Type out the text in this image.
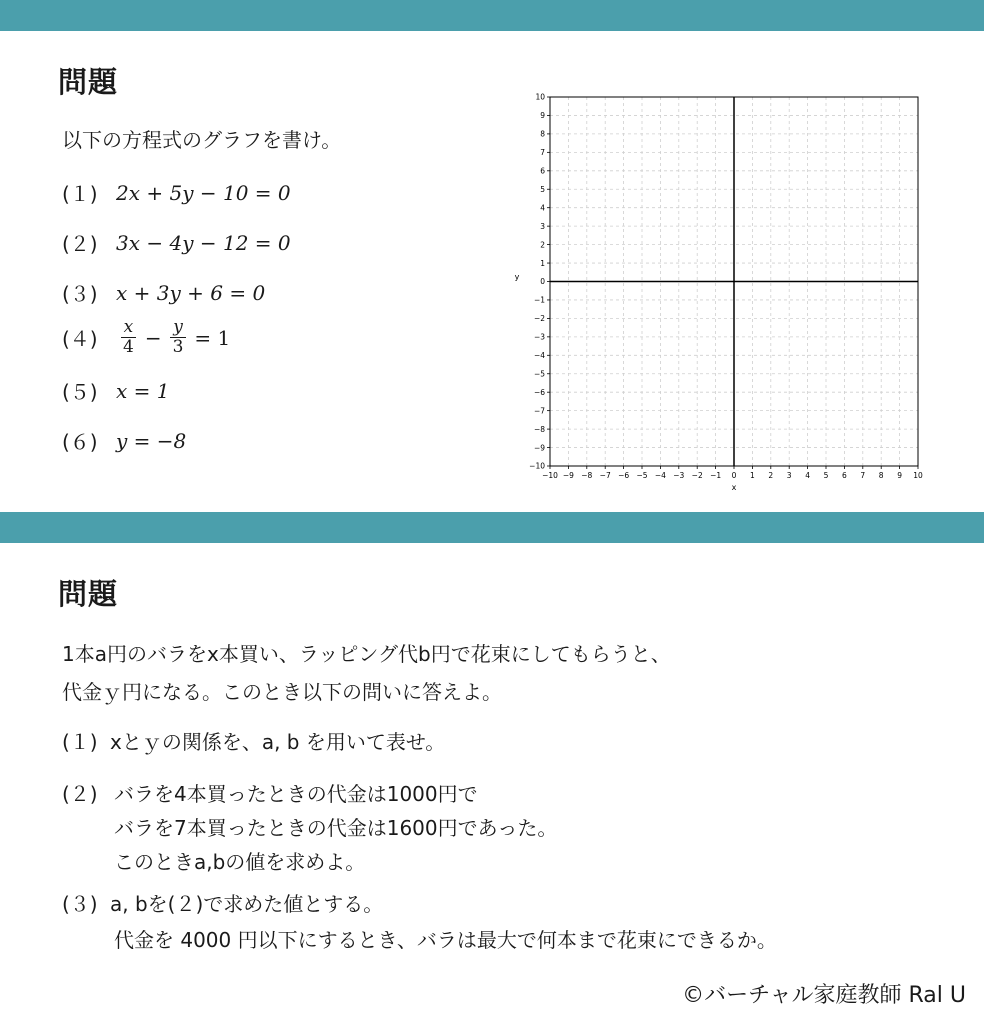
問題
以下の方程式のグラフを書け。
(１) 2x + 5y − 10 = 0
(２) 3x − 4y − 12 = 0
(３) x + 3y + 6 = 0
(４)	$\frac{x}{4} - \frac{y}{3} = 1$
(５) x = 1
(６) y = −8
−10 −9 −8 −7 −6 −5 −4 −3 −2 −1 0 1 2 3 4 5 6 7 8 9 10
−10
−9
−8
−7
−6
−5
−4
−3
−2
−1
0
1
2
3
4
5
6
7
8
9
10
x
y
問題
1本a円のバラをx本買い、ラッピング代b円で花束にしてもらうと、
代金ｙ円になる。このとき以下の問いに答えよ。
(１) xとｙの関係を、a, b を用いて表せ。
(２) バラを4本買ったときの代金は1000円で
バラを7本買ったときの代金は1600円であった。
このときa,bの値を求めよ。
(３) a, bを(２)で求めた値とする。
代金を 4000 円以下にするとき、バラは最大で何本まで花束にできるか。
©バーチャル家庭教師 Ral U
